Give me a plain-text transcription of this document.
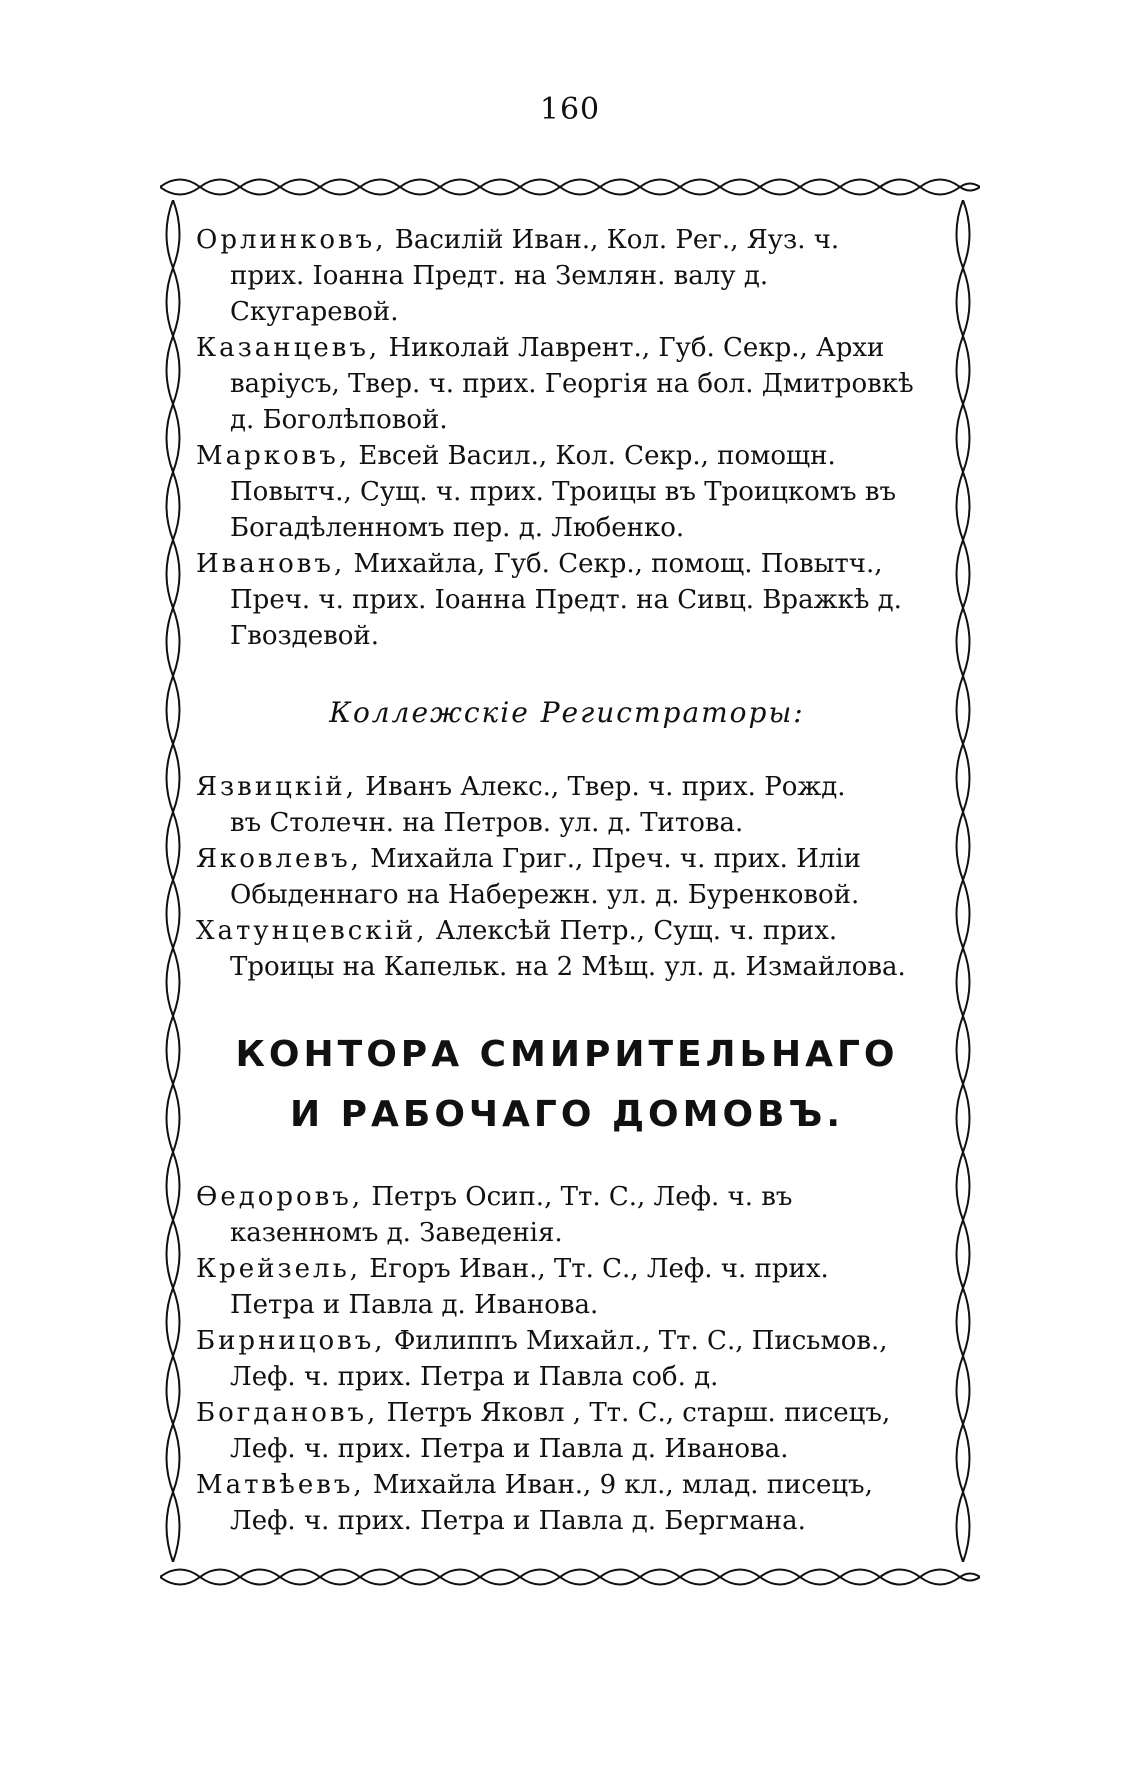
160
Орлинковъ, Василій Иван., Кол. Рег., Яуз. ч.
прих. Іоанна Предт. на Землян. валу д. Скугаревой.
Казанцевъ, Николай Лаврент., Губ. Секр., Архи
варіусъ, Твер. ч. прих. Георгія на бол. Дмитровкѣ д. Боголѣповой.
Марковъ, Евсей Васил., Кол. Секр., помощн.
Повытч., Сущ. ч. прих. Троицы въ Троицкомъ въ Богадѣленномъ пер. д. Любенко.
Ивановъ, Михайла, Губ. Секр., помощ. Повытч.,
Преч. ч. прих. Іоанна Предт. на Сивц. Вражкѣ д. Гвоздевой.
Коллежскіе Регистраторы:
Язвицкій, Иванъ Алекс., Твер. ч. прих. Рожд.
въ Столечн. на Петров. ул. д. Титова.
Яковлевъ, Михайла Григ., Преч. ч. прих. Иліи
Обыденнаго на Набережн. ул. д. Буренковой.
Хатунцевскій, Алексѣй Петр., Сущ. ч. прих.
Троицы на Капельк. на 2 Мѣщ. ул. д. Измайлова.
КОНТОРА СМИРИТЕЛЬНАГО
И РАБОЧАГО ДОМОВЪ.
Өедоровъ, Петръ Осип., Тт. С., Леф. ч. въ
казенномъ д. Заведенія.
Крейзель, Егоръ Иван., Тт. С., Леф. ч. прих.
Петра и Павла д. Иванова.
Бирницовъ, Филиппъ Михайл., Тт. С., Письмов.,
Леф. ч. прих. Петра и Павла соб. д.
Богдановъ, Петръ Яковл , Тт. С., старш. писецъ,
Леф. ч. прих. Петра и Павла д. Иванова.
Матвѣевъ, Михайла Иван., 9 кл., млад. писецъ,
Леф. ч. прих. Петра и Павла д. Бергмана.
